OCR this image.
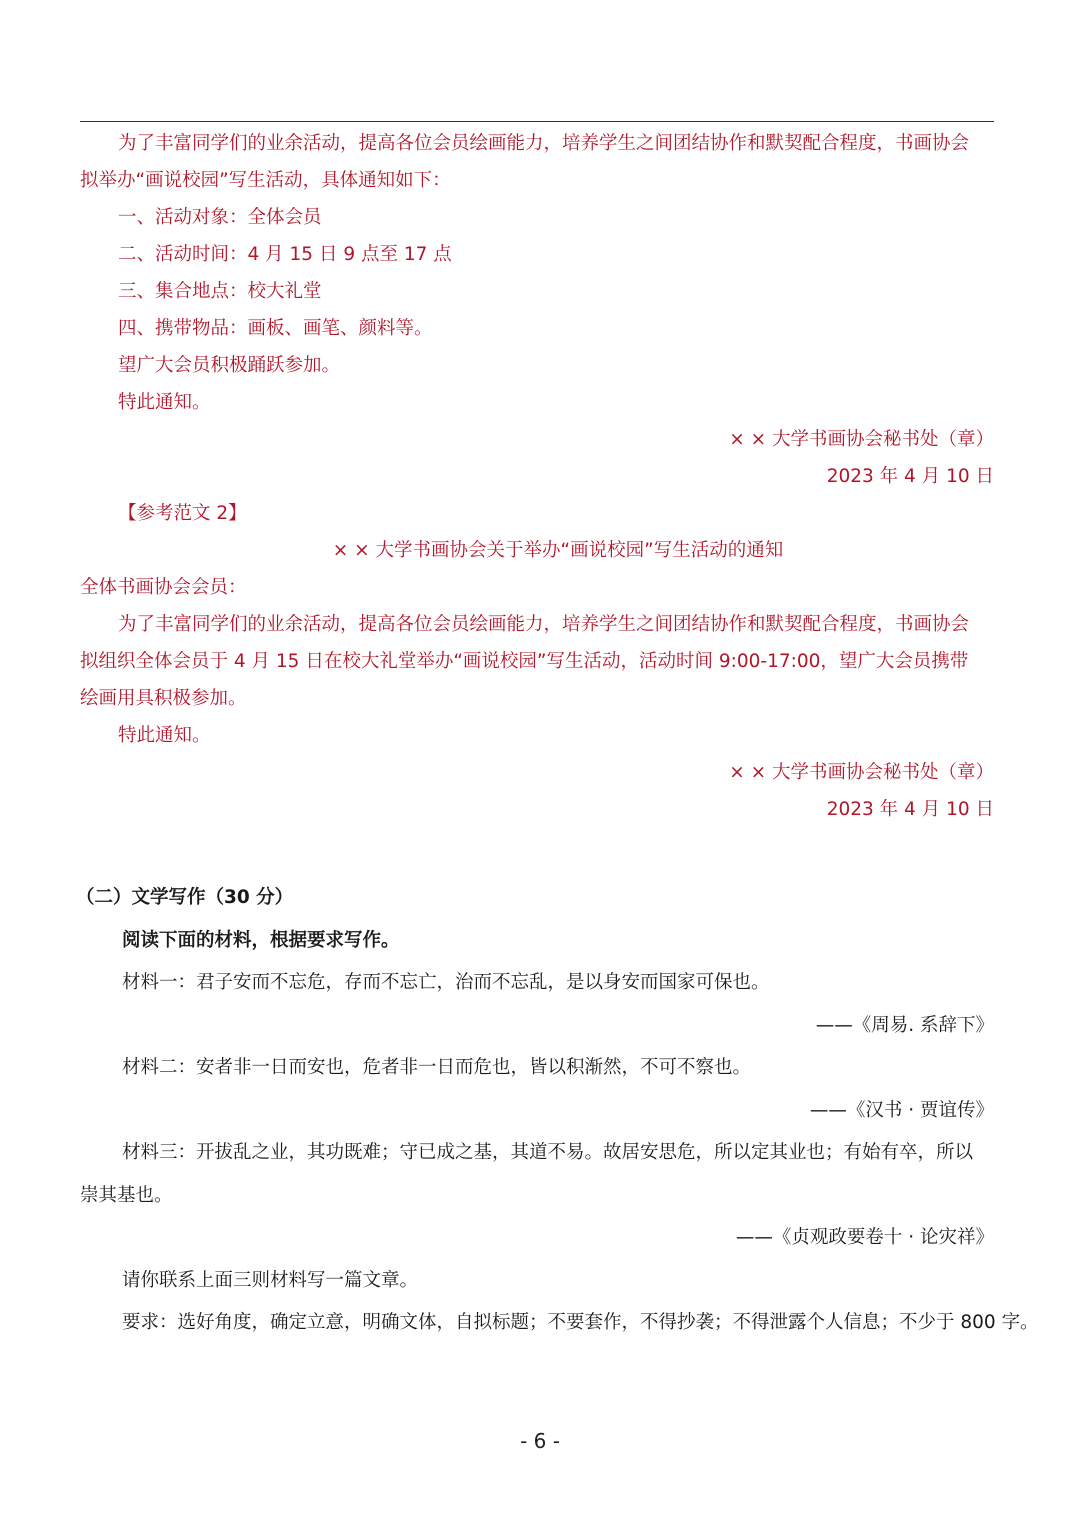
为了丰富同学们的业余活动，提高各位会员绘画能力，培养学生之间团结协作和默契配合程度，书画协会
拟举办“画说校园”写生活动，具体通知如下：
一、活动对象：全体会员
二、活动时间：4 月 15 日 9 点至 17 点
三、集合地点：校大礼堂
四、携带物品：画板、画笔、颜料等。
望广大会员积极踊跃参加。
特此通知。
× × 大学书画协会秘书处（章）
2023 年 4 月 10 日
【参考范文 2】
× × 大学书画协会关于举办“画说校园”写生活动的通知
全体书画协会会员：
为了丰富同学们的业余活动，提高各位会员绘画能力，培养学生之间团结协作和默契配合程度，书画协会
拟组织全体会员于 4 月 15 日在校大礼堂举办“画说校园”写生活动，活动时间 9:00-17:00，望广大会员携带
绘画用具积极参加。
特此通知。
× × 大学书画协会秘书处（章）
2023 年 4 月 10 日
（二）文学写作（30 分）
阅读下面的材料，根据要求写作。
材料一：君子安而不忘危，存而不忘亡，治而不忘乱，是以身安而国家可保也。
——《周易. 系辞下》
材料二：安者非一日而安也，危者非一日而危也，皆以积渐然，不可不察也。
——《汉书 · 贾谊传》
材料三：开拔乱之业，其功既难；守已成之基，其道不易。故居安思危，所以定其业也；有始有卒，所以
崇其基也。
——《贞观政要卷十 · 论灾祥》
请你联系上面三则材料写一篇文章。
要求：选好角度，确定立意，明确文体，自拟标题；不要套作，不得抄袭；不得泄露个人信息；不少于 800 字。
- 6 -
